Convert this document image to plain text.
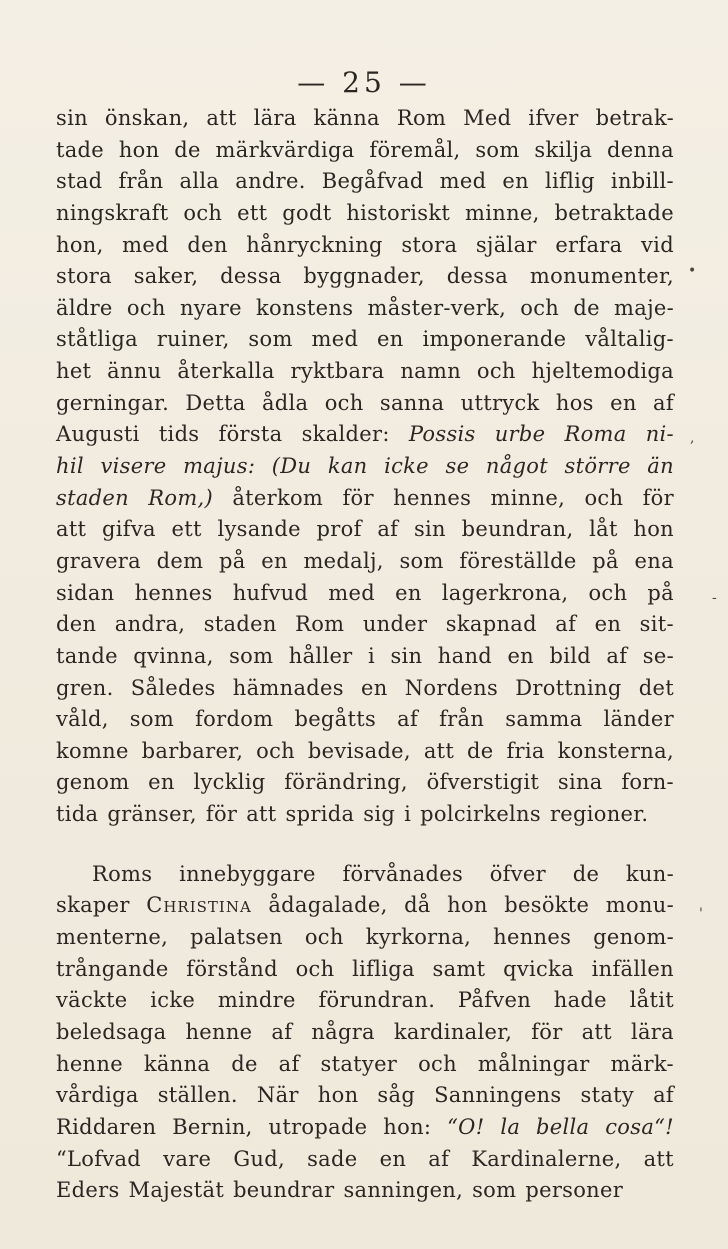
— 25 —
sin önskan, att lära känna Rom Med ifver betrak-
tade hon de märkvärdiga föremål, som skilja denna
stad från alla andre. Begåfvad med en liflig inbill-
ningskraft och ett godt historiskt minne, betraktade
hon, med den hånryckning stora själar erfara vid
stora saker, dessa byggnader, dessa monumenter,
äldre och nyare konstens måster-verk, och de maje-
ståtliga ruiner, som med en imponerande våltalig-
het ännu återkalla ryktbara namn och hjeltemodiga
gerningar. Detta ådla och sanna uttryck hos en af
Augusti tids första skalder: Possis urbe Roma ni-
hil visere majus: (Du kan icke se något större än
staden Rom,) återkom för hennes minne, och för
att gifva ett lysande prof af sin beundran, låt hon
gravera dem på en medalj, som föreställde på ena
sidan hennes hufvud med en lagerkrona, och på
den andra, staden Rom under skapnad af en sit-
tande qvinna, som håller i sin hand en bild af se-
gren. Således hämnades en Nordens Drottning det
våld, som fordom begåtts af från samma länder
komne barbarer, och bevisade, att de fria konsterna,
genom en lycklig förändring, öfverstigit sina forn-
tida gränser, för att sprida sig i polcirkelns regioner.
Roms innebyggare förvånades öfver de kun-
skaper Christina ådagalade, då hon besökte monu-
menterne, palatsen och kyrkorna, hennes genom-
trångande förstånd och lifliga samt qvicka infällen
väckte icke mindre förundran. Påfven hade låtit
beledsaga henne af några kardinaler, för att lära
henne känna de af statyer och målningar märk-
vårdiga ställen. När hon såg Sanningens staty af
Riddaren Bernin, utropade hon: “O! la bella cosa“!
“Lofvad vare Gud, sade en af Kardinalerne, att
Eders Majestät beundrar sanningen, som personer
•
,
-
'
